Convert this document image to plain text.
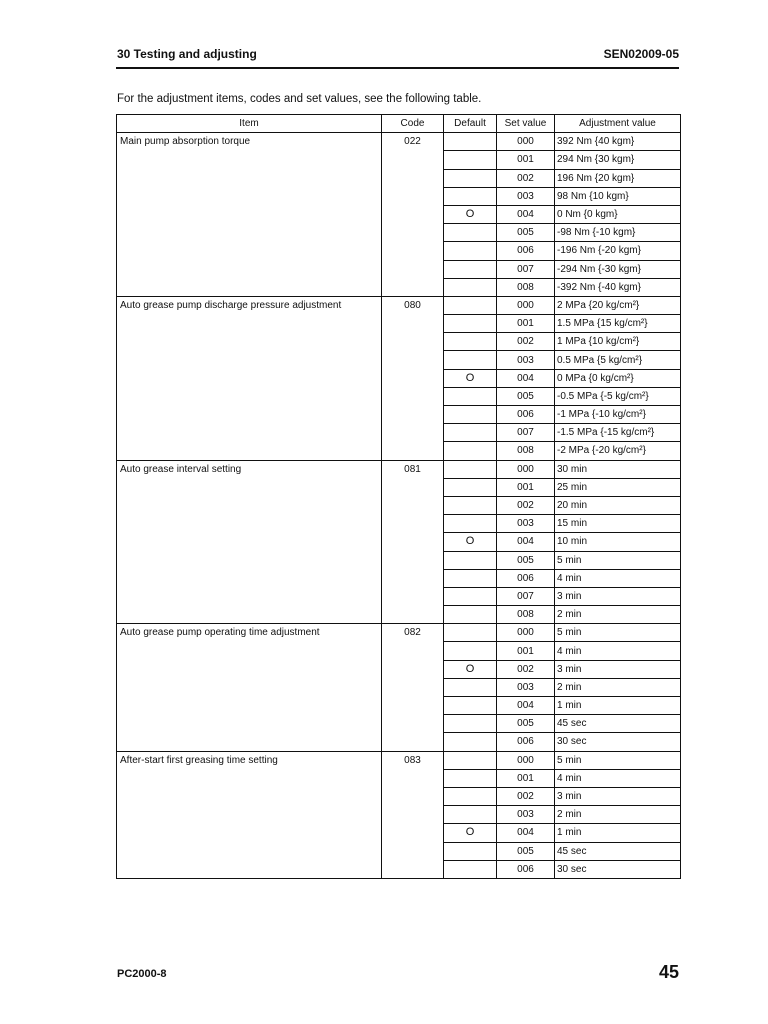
30 Testing and adjusting	SEN02009-05
For the adjustment items, codes and set values, see the following table.
Item	Code	Default	Set value	Adjustment value
Main pump absorption torque	022		000	392 Nm {40 kgm}
			001	294 Nm {30 kgm}
			002	196 Nm {20 kgm}
			003	98 Nm {10 kgm}
		O	004	0 Nm {0 kgm}
			005	-98 Nm {-10 kgm}
			006	-196 Nm {-20 kgm}
			007	-294 Nm {-30 kgm}
			008	-392 Nm {-40 kgm}
Auto grease pump discharge pressure adjustment	080		000	2 MPa {20 kg/cm²}
			001	1.5 MPa {15 kg/cm²}
			002	1 MPa {10 kg/cm²}
			003	0.5 MPa {5 kg/cm²}
		O	004	0 MPa {0 kg/cm²}
			005	-0.5 MPa {-5 kg/cm²}
			006	-1 MPa {-10 kg/cm²}
			007	-1.5 MPa {-15 kg/cm²}
			008	-2 MPa {-20 kg/cm²}
Auto grease interval setting	081		000	30 min
			001	25 min
			002	20 min
			003	15 min
		O	004	10 min
			005	5 min
			006	4 min
			007	3 min
			008	2 min
Auto grease pump operating time adjustment	082		000	5 min
			001	4 min
		O	002	3 min
			003	2 min
			004	1 min
			005	45 sec
			006	30 sec
After-start first greasing time setting	083		000	5 min
			001	4 min
			002	3 min
			003	2 min
		O	004	1 min
			005	45 sec
			006	30 sec
PC2000-8	45
